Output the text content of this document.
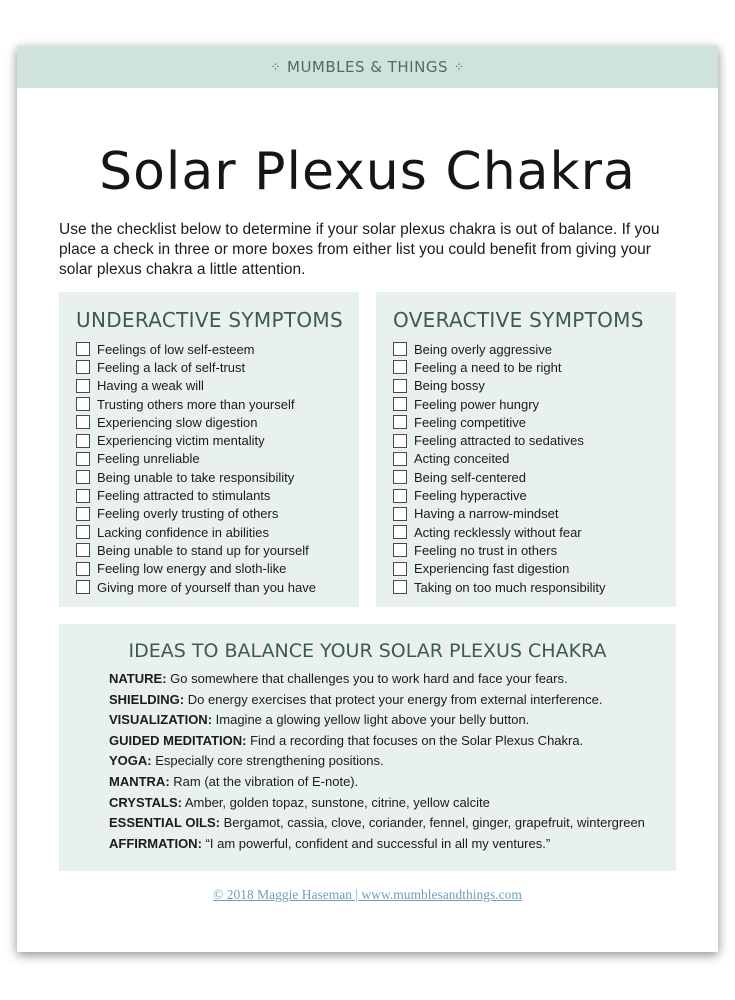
⁘ MUMBLES & THINGS ⁘
Solar Plexus Chakra
Use the checklist below to determine if your solar plexus chakra is out of balance. If you place a check in three or more boxes from either list you could benefit from giving your solar plexus chakra a little attention.
UNDERACTIVE SYMPTOMS
Feelings of low self-esteem
Feeling a lack of self-trust
Having a weak will
Trusting others more than yourself
Experiencing slow digestion
Experiencing victim mentality
Feeling unreliable
Being unable to take responsibility
Feeling attracted to stimulants
Feeling overly trusting of others
Lacking confidence in abilities
Being unable to stand up for yourself
Feeling low energy and sloth-like
Giving more of yourself than you have
OVERACTIVE SYMPTOMS
Being overly aggressive
Feeling a need to be right
Being bossy
Feeling power hungry
Feeling competitive
Feeling attracted to sedatives
Acting conceited
Being self-centered
Feeling hyperactive
Having a narrow-mindset
Acting recklessly without fear
Feeling no trust in others
Experiencing fast digestion
Taking on too much responsibility
IDEAS TO BALANCE YOUR SOLAR PLEXUS CHAKRA
NATURE: Go somewhere that challenges you to work hard and face your fears.
SHIELDING: Do energy exercises that protect your energy from external interference.
VISUALIZATION: Imagine a glowing yellow light above your belly button.
GUIDED MEDITATION: Find a recording that focuses on the Solar Plexus Chakra.
YOGA: Especially core strengthening positions.
MANTRA: Ram (at the vibration of E-note).
CRYSTALS: Amber, golden topaz, sunstone, citrine, yellow calcite
ESSENTIAL OILS: Bergamot, cassia, clove, coriander, fennel, ginger, grapefruit, wintergreen
AFFIRMATION: “I am powerful, confident and successful in all my ventures.”
© 2018 Maggie Haseman | www.mumblesandthings.com
